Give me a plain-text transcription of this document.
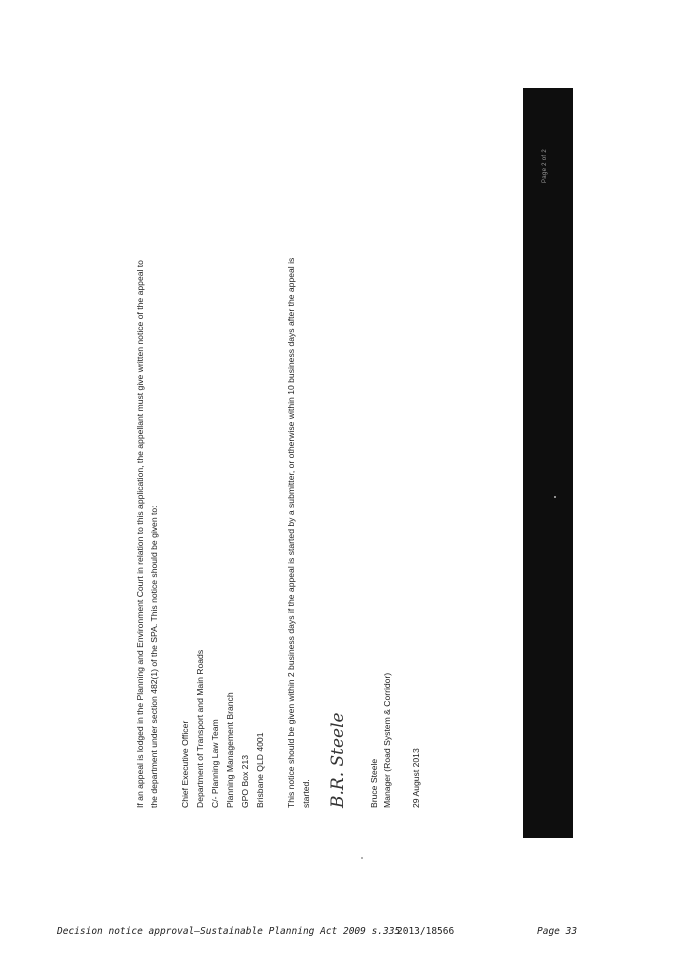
If an appeal is lodged in the Planning and Environment Court in relation to this application, the appellant must give written notice of the appeal to the department under section 482(1) of the SPA. This notice should be given to: Chief Executive Officer Department of Transport and Main Roads C/- Planning Law Team Planning Management Branch GPO Box 213 Brisbane QLD 4001 This notice should be given within 2 business days if the appeal is started by a submitter, or otherwise within 10 business days after the appeal is started. B.R. Steele Bruce Steele Manager (Road System & Corridor) 29 August 2013
Page 2 of 2
Decision notice approval—Sustainable Planning Act 2009 s.335
2013/18566	Page 33
